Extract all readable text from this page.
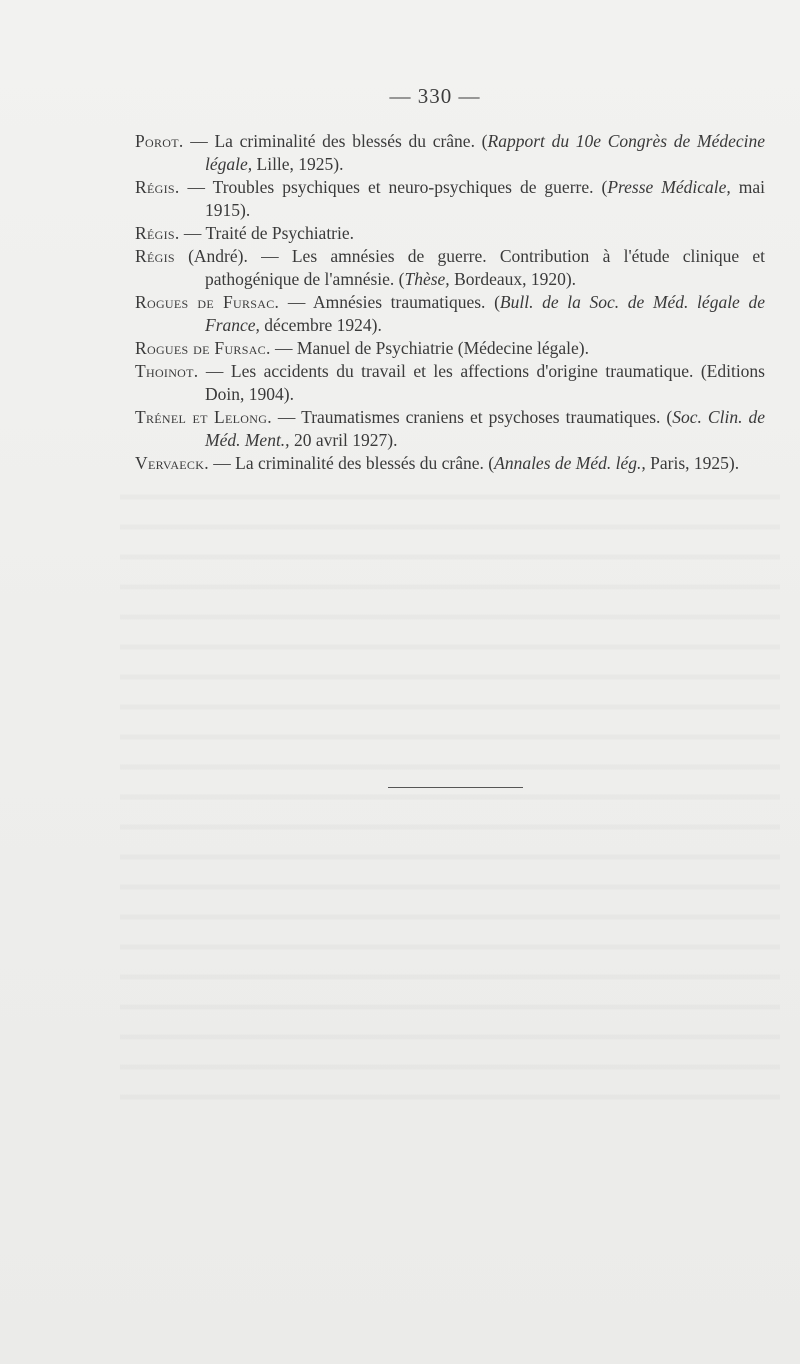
— 330 —

Porot. — La criminalité des blessés du crâne. (Rapport du 10e Congrès de Médecine légale, Lille, 1925).

Régis. — Troubles psychiques et neuro-psychiques de guerre. (Presse Médicale, mai 1915).

Régis. — Traité de Psychiatrie.

Régis (André). — Les amnésies de guerre. Contribution à l'étude clinique et pathogénique de l'amnésie. (Thèse, Bordeaux, 1920).

Rogues de Fursac. — Amnésies traumatiques. (Bull. de la Soc. de Méd. légale de France, décembre 1924).

Rogues de Fursac. — Manuel de Psychiatrie (Médecine légale).

Thoinot. — Les accidents du travail et les affections d'origine traumatique. (Editions Doin, 1904).

Trénel et Lelong. — Traumatismes craniens et psychoses traumatiques. (Soc. Clin. de Méd. Ment., 20 avril 1927).

Vervaeck. — La criminalité des blessés du crâne. (Annales de Méd. lég., Paris, 1925).
